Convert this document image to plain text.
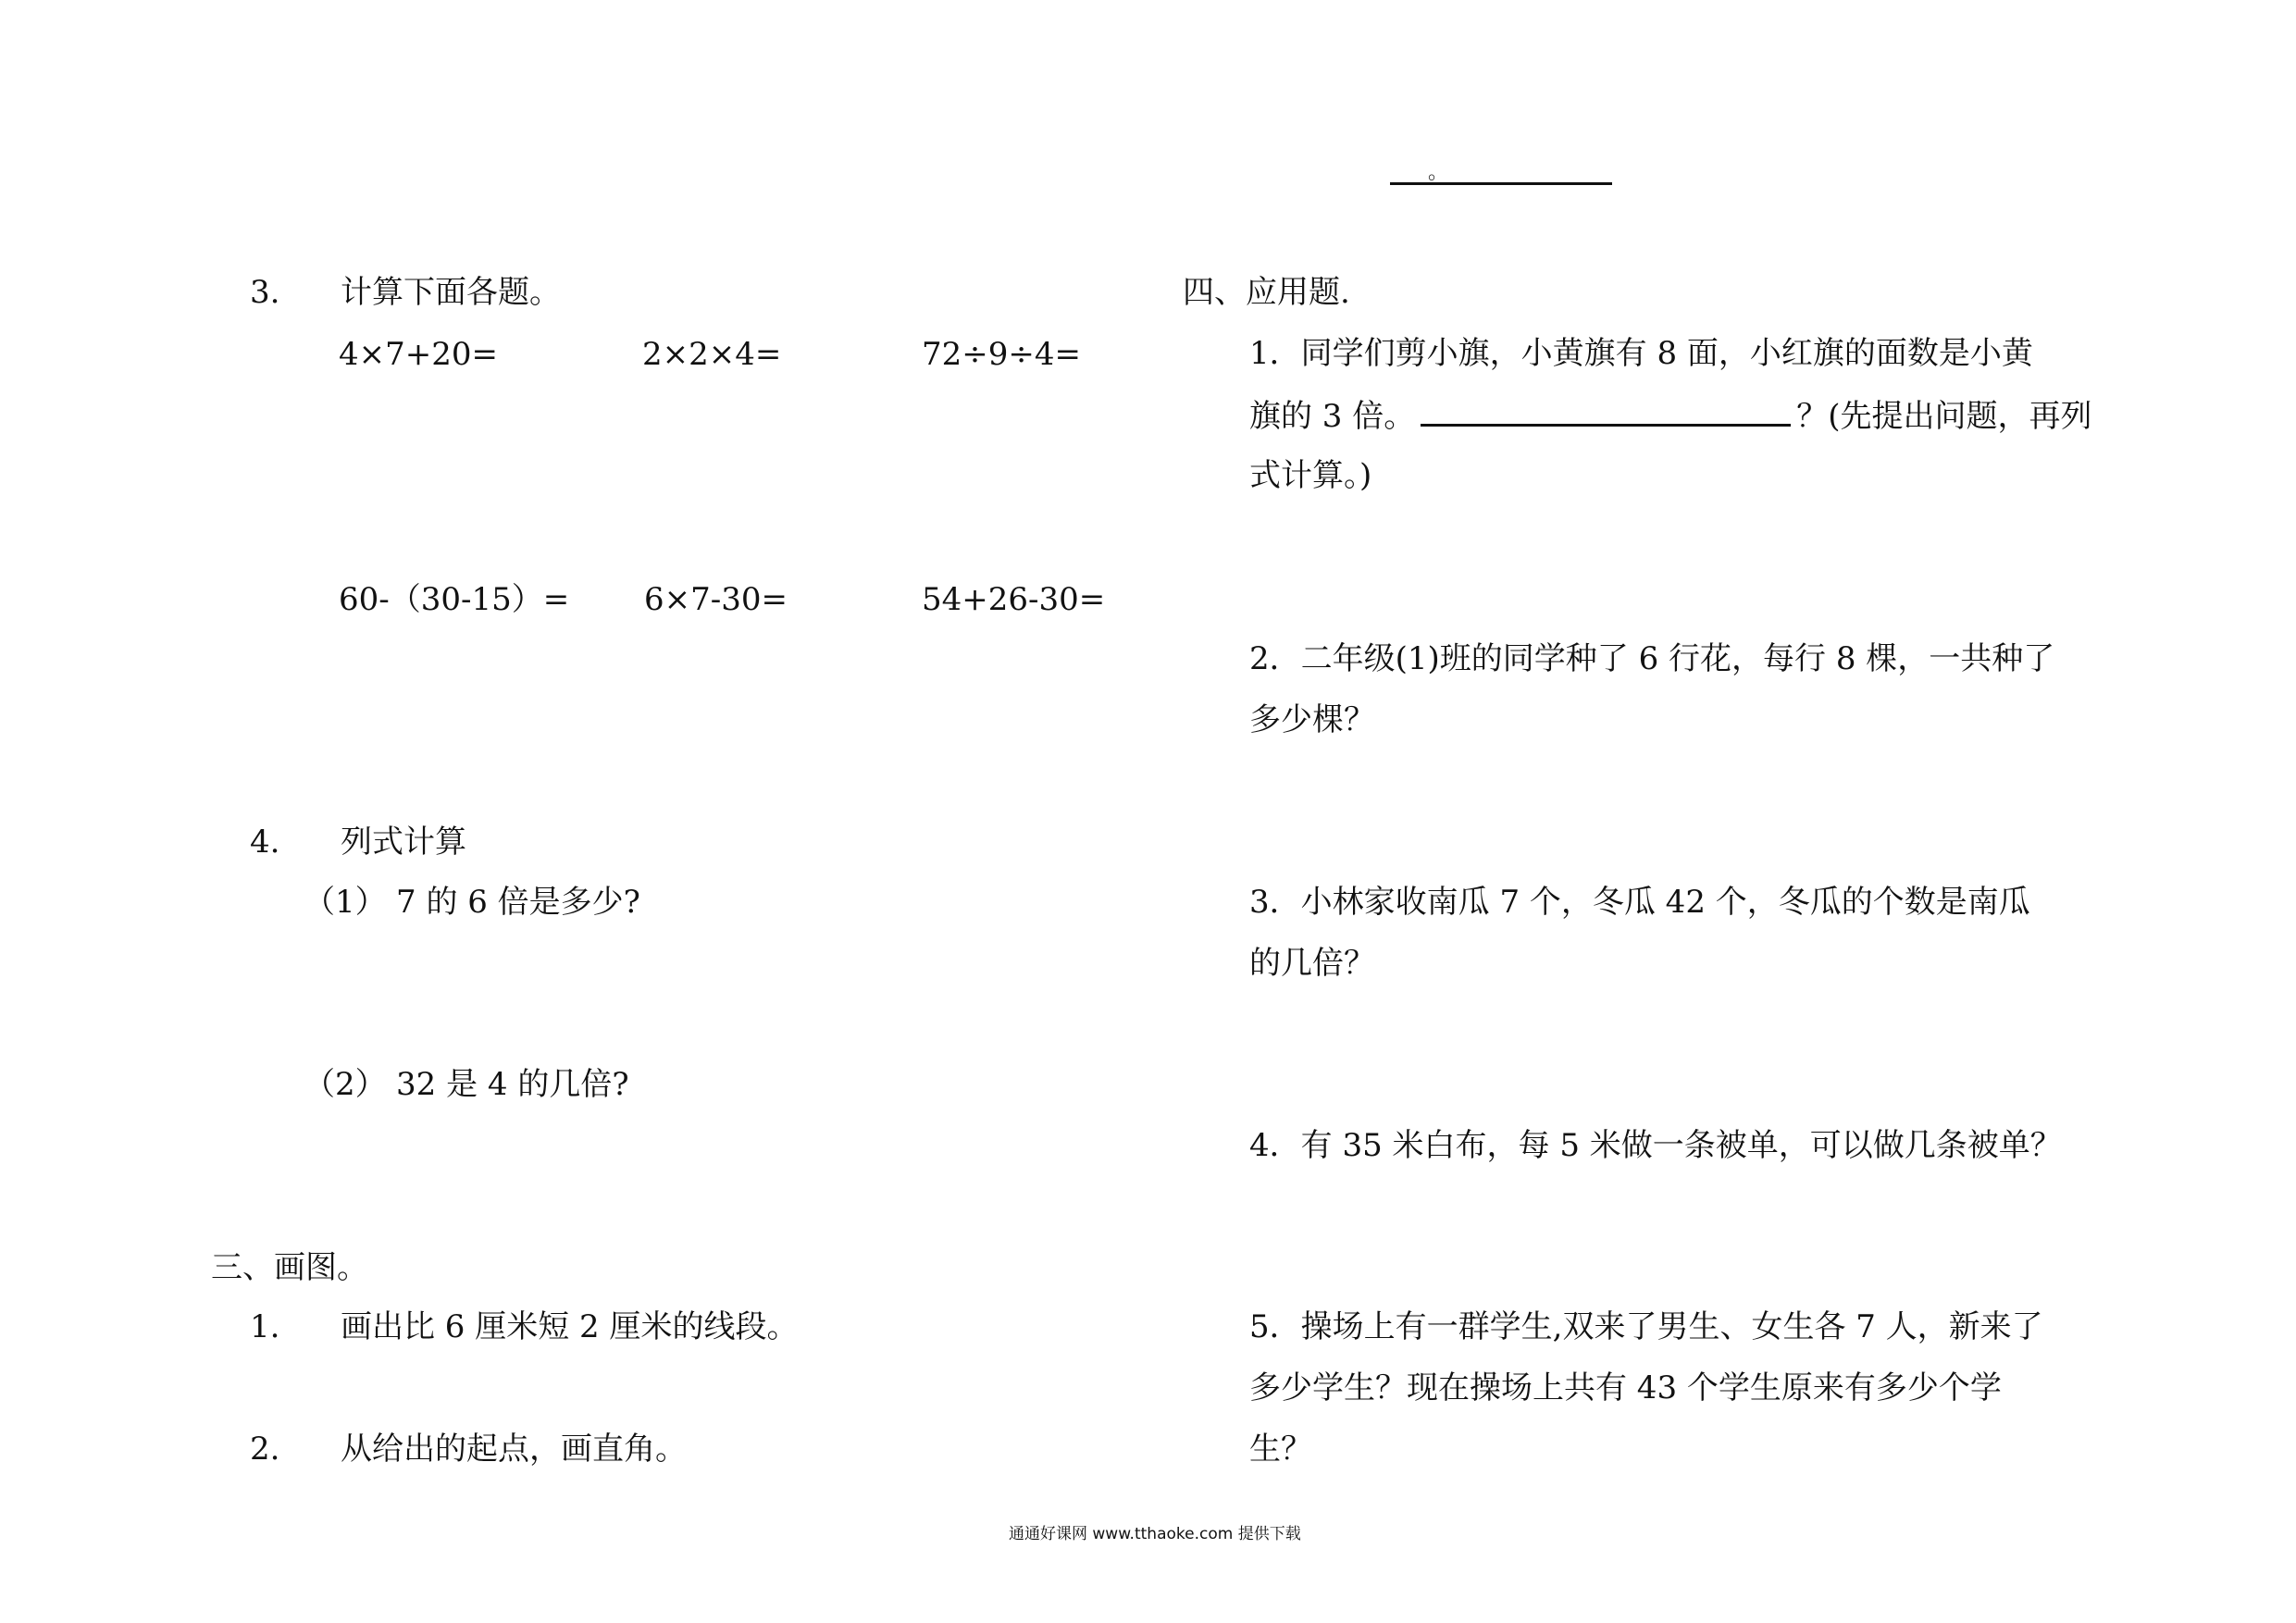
。
3. 计算下面各题。
4×7+20=	2×2×4=	72÷9÷4=
60-（30-15）= 6×7-30=	54+26-30=
4. 列式计算
（1） 7 的 6 倍是多少?
（2） 32 是 4 的几倍?
三、画图。
1. 画出比 6 厘米短 2 厘米的线段。
2. 从给出的起点，画直角。
四、应用题.
1．同学们剪小旗，小黄旗有 8 面，小红旗的面数是小黄
旗的 3 倍。	？(先提出问题，再列
式计算。)
2．二年级(1)班的同学种了 6 行花，每行 8 棵，一共种了
多少棵？
3．小林家收南瓜 7 个，冬瓜 42 个，冬瓜的个数是南瓜
的几倍？
4．有 35 米白布，每 5 米做一条被单，可以做几条被单？
5．操场上有一群学生,双来了男生、女生各 7 人，新来了
多少学生？现在操场上共有 43 个学生原来有多少个学
生？
通通好课网 www.tthaoke.com 提供下载
